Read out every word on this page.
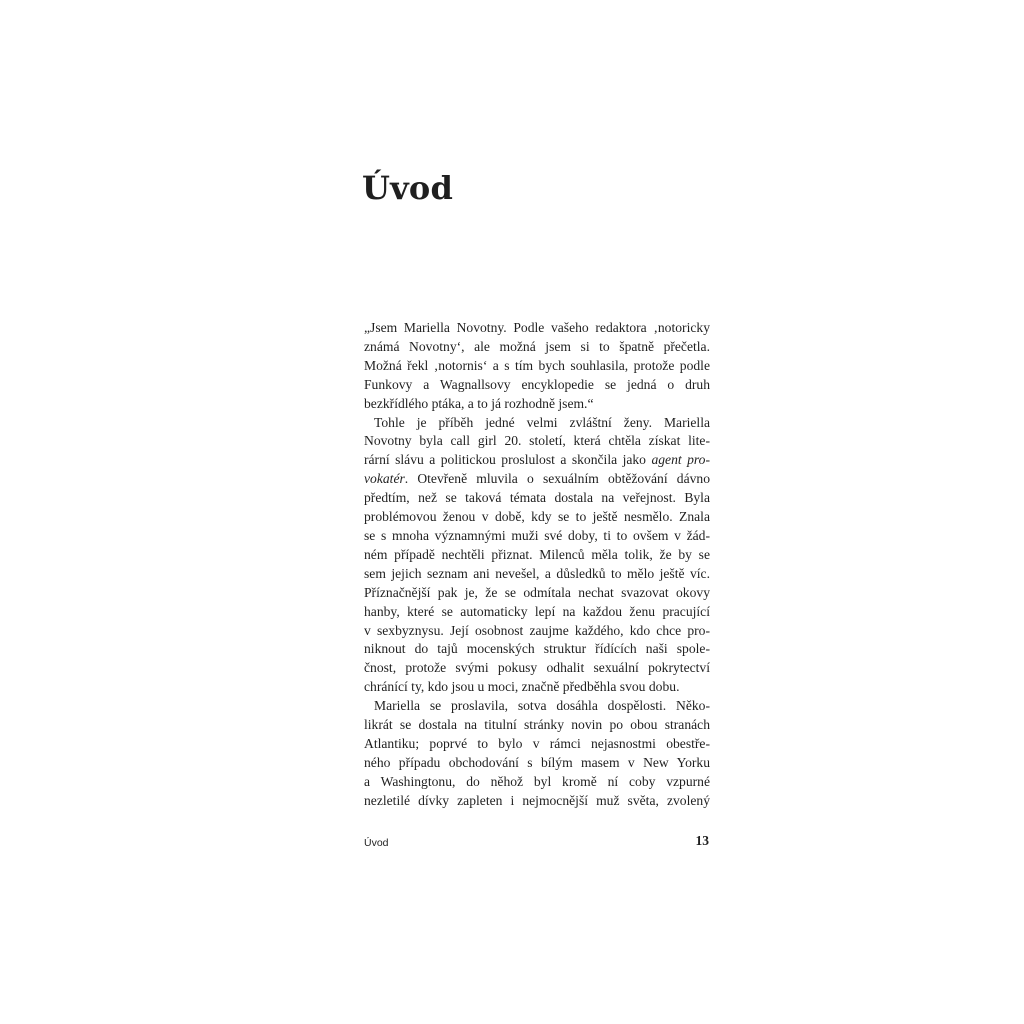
Úvod
„Jsem Mariella Novotny. Podle vašeho redaktora ‚notoricky
známá Novotny‘, ale možná jsem si to špatně přečetla.
Možná řekl ‚notornis‘ a s tím bych souhlasila, protože podle
Funkovy a Wagnallsovy encyklopedie se jedná o druh
bezkřídlého ptáka, a to já rozhodně jsem.“
Tohle je příběh jedné velmi zvláštní ženy. Mariella
Novotny byla call girl 20. století, která chtěla získat lite-
rární slávu a politickou proslulost a skončila jako agent pro-
vokatér. Otevřeně mluvila o sexuálním obtěžování dávno
předtím, než se taková témata dostala na veřejnost. Byla
problémovou ženou v době, kdy se to ještě nesmělo. Znala
se s mnoha významnými muži své doby, ti to ovšem v žád-
ném případě nechtěli přiznat. Milenců měla tolik, že by se
sem jejich seznam ani nevešel, a důsledků to mělo ještě víc.
Příznačnější pak je, že se odmítala nechat svazovat okovy
hanby, které se automaticky lepí na každou ženu pracující
v sexbyznysu. Její osobnost zaujme každého, kdo chce pro-
niknout do tajů mocenských struktur řídících naši spole-
čnost, protože svými pokusy odhalit sexuální pokrytectví
chránící ty, kdo jsou u moci, značně předběhla svou dobu.
Mariella se proslavila, sotva dosáhla dospělosti. Něko-
likrát se dostala na titulní stránky novin po obou stranách
Atlantiku; poprvé to bylo v rámci nejasnostmi obestře-
ného případu obchodování s bílým masem v New Yorku
a Washingtonu, do něhož byl kromě ní coby vzpurné
nezletilé dívky zapleten i nejmocnější muž světa, zvolený
Úvod	13
